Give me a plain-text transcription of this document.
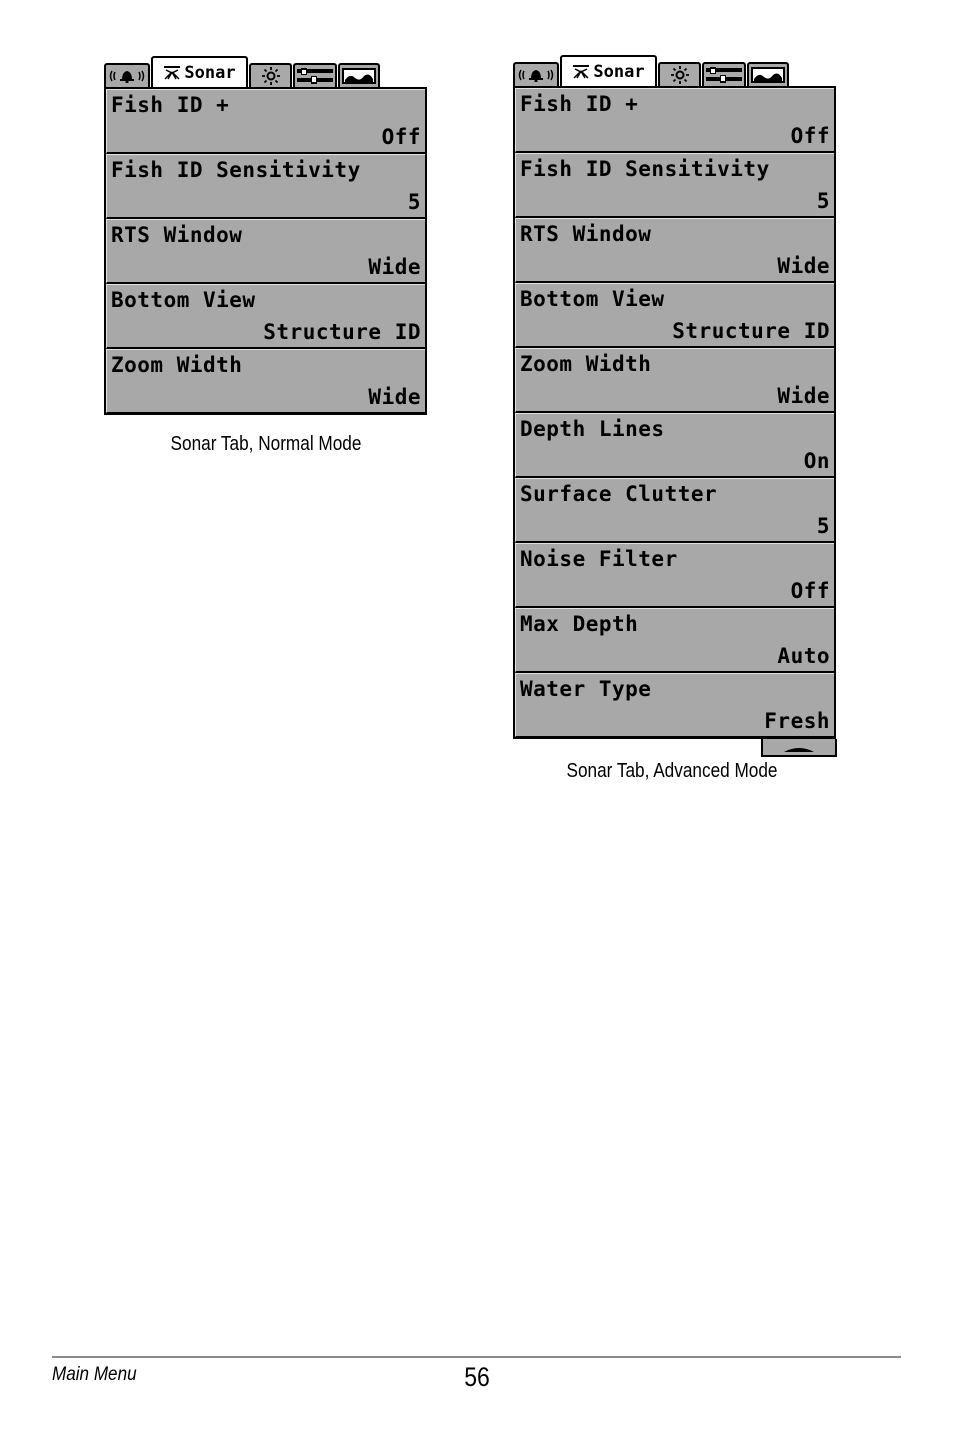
Sonar
Fish ID +
Off
Fish ID Sensitivity
5
RTS Window
Wide
Bottom View
Structure ID
Zoom Width
Wide
Sonar Tab, Normal Mode
Sonar
Fish ID +
Off
Fish ID Sensitivity
5
RTS Window
Wide
Bottom View
Structure ID
Zoom Width
Wide
Depth Lines
On
Surface Clutter
5
Noise Filter
Off
Max Depth
Auto
Water Type
Fresh
Sonar Tab, Advanced Mode
Main Menu	56
